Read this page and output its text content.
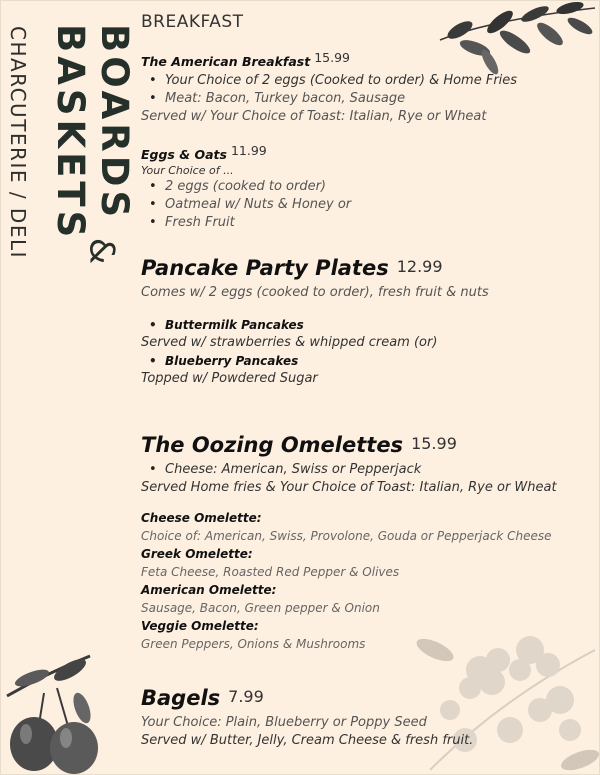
BOARDS
BASKETS
&
CHARCUTERIE / DELI
BREAKFAST
The American Breakfast $^{15.99}$
• Your Choice of 2 eggs (Cooked to order) & Home Fries
• Meat: Bacon, Turkey bacon, Sausage
Served w/ Your Choice of Toast: Italian, Rye or Wheat
Eggs & Oats $^{11.99}$
Your Choice of ...
• 2 eggs (cooked to order)
• Oatmeal w/ Nuts & Honey or
• Fresh Fruit
Pancake Party Plates 12.99
Comes w/ 2 eggs (cooked to order), fresh fruit & nuts
• Buttermilk Pancakes
Served w/ strawberries & whipped cream (or)
• Blueberry Pancakes
Topped w/ Powdered Sugar
The Oozing Omelettes 15.99
• Cheese: American, Swiss or Pepperjack
Served Home fries & Your Choice of Toast: Italian, Rye or Wheat
Cheese Omelette:
Choice of: American, Swiss, Provolone, Gouda or Pepperjack Cheese
Greek Omelette:
Feta Cheese, Roasted Red Pepper & Olives
American Omelette:
Sausage, Bacon, Green pepper & Onion
Veggie Omelette:
Green Peppers, Onions & Mushrooms
Bagels 7.99
Your Choice: Plain, Blueberry or Poppy Seed
Served w/ Butter, Jelly, Cream Cheese & fresh fruit.
